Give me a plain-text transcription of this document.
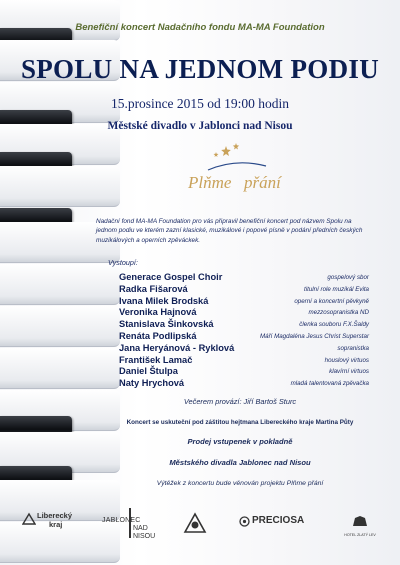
Benefiční koncert Nadačního fondu MA-MA Foundation
SPOLU NA JEDNOM PODIU
15.prosince 2015 od 19:00 hodin
Městské divadlo v Jablonci nad Nisou
Plňme přání
Nadační fond MA-MA Foundation pro vás připravil benefiční koncert pod názvem Spolu na jednom podiu ve kterém zazní klasické, muzikálové i popové písně v podání předních českých muzikálových a operních zpěváckek.
Vystoupí:
Generace Gospel Choir	gospelový sbor
Radka Fišarová	titulní role muzikál Evita
Ivana Milek Brodská	operní a koncertní pěvkyně
Veronika Hajnová	mezzosopranistka ND
Stanislava Šinkovská	členka souboru F.X.Šaldy
Renáta Podlipská	Máří Magdaléna Jesus Christ Superstar
Jana Heryánová - Ryklová	sopranistka
František Lamač	houslový virtuos
Daniel Štulpa	klavírní virtuos
Naty Hrychová	mladá talentovaná zpěvačka
Večerem provází: Jiří Bartoš Sturc
Koncert se uskuteční pod záštitou hejtmana Libereckého kraje Martina Půty
Prodej vstupenek v pokladně
Městského divadla Jablonec nad Nisou
Výtěžek z koncertu bude věnován projektu Plňme přání
Liberecký
kraj	JABLONEC
NAD
NISOU
PRECIOSA
HOTEL ZLATÝ LEV
